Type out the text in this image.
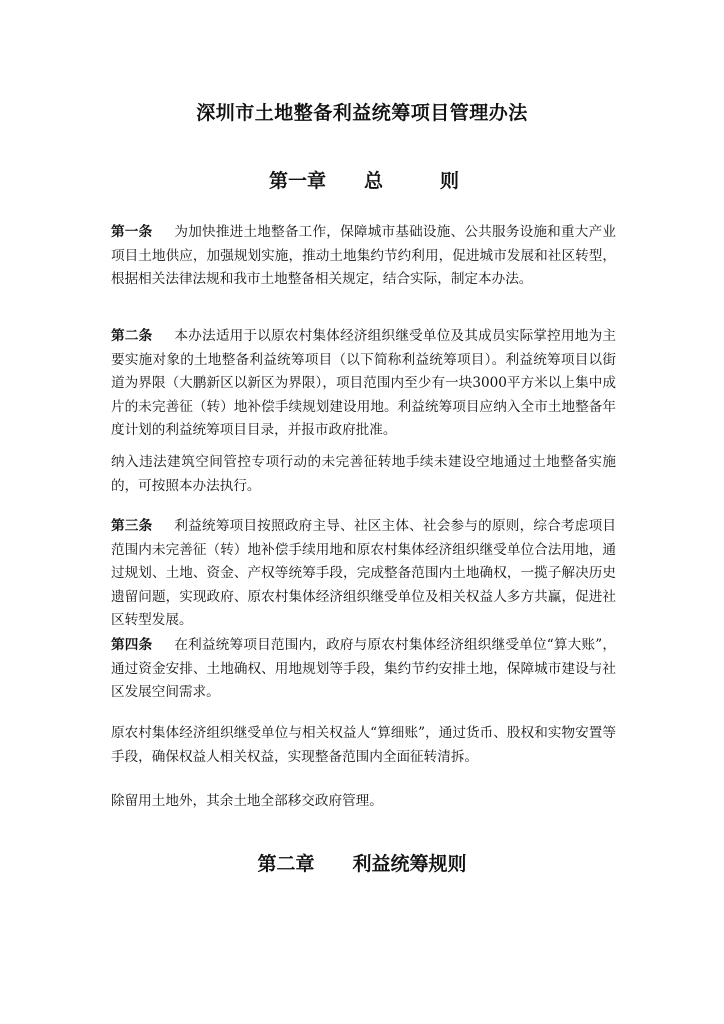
深圳市土地整备利益统筹项目管理办法
第一章　　总　　　则

第一条 为加快推进土地整备工作，保障城市基础设施、公共服务设施和重大产业项目土地供应，加强规划实施，推动土地集约节约利用，促进城市发展和社区转型，根据相关法律法规和我市土地整备相关规定，结合实际，制定本办法。

第二条 本办法适用于以原农村集体经济组织继受单位及其成员实际掌控用地为主要实施对象的土地整备利益统筹项目（以下简称利益统筹项目）。利益统筹项目以街道为界限（大鹏新区以新区为界限），项目范围内至少有一块3000平方米以上集中成片的未完善征（转）地补偿手续规划建设用地。利益统筹项目应纳入全市土地整备年度计划的利益统筹项目目录，并报市政府批准。

纳入违法建筑空间管控专项行动的未完善征转地手续未建设空地通过土地整备实施的，可按照本办法执行。

第三条 利益统筹项目按照政府主导、社区主体、社会参与的原则，综合考虑项目范围内未完善征（转）地补偿手续用地和原农村集体经济组织继受单位合法用地，通过规划、土地、资金、产权等统筹手段，完成整备范围内土地确权，一揽子解决历史遗留问题，实现政府、原农村集体经济组织继受单位及相关权益人多方共赢，促进社区转型发展。

第四条 在利益统筹项目范围内，政府与原农村集体经济组织继受单位“算大账”，通过资金安排、土地确权、用地规划等手段，集约节约安排土地，保障城市建设与社区发展空间需求。

原农村集体经济组织继受单位与相关权益人“算细账”，通过货币、股权和实物安置等手段，确保权益人相关权益，实现整备范围内全面征转清拆。

除留用土地外，其余土地全部移交政府管理。

第二章　　利益统筹规则
